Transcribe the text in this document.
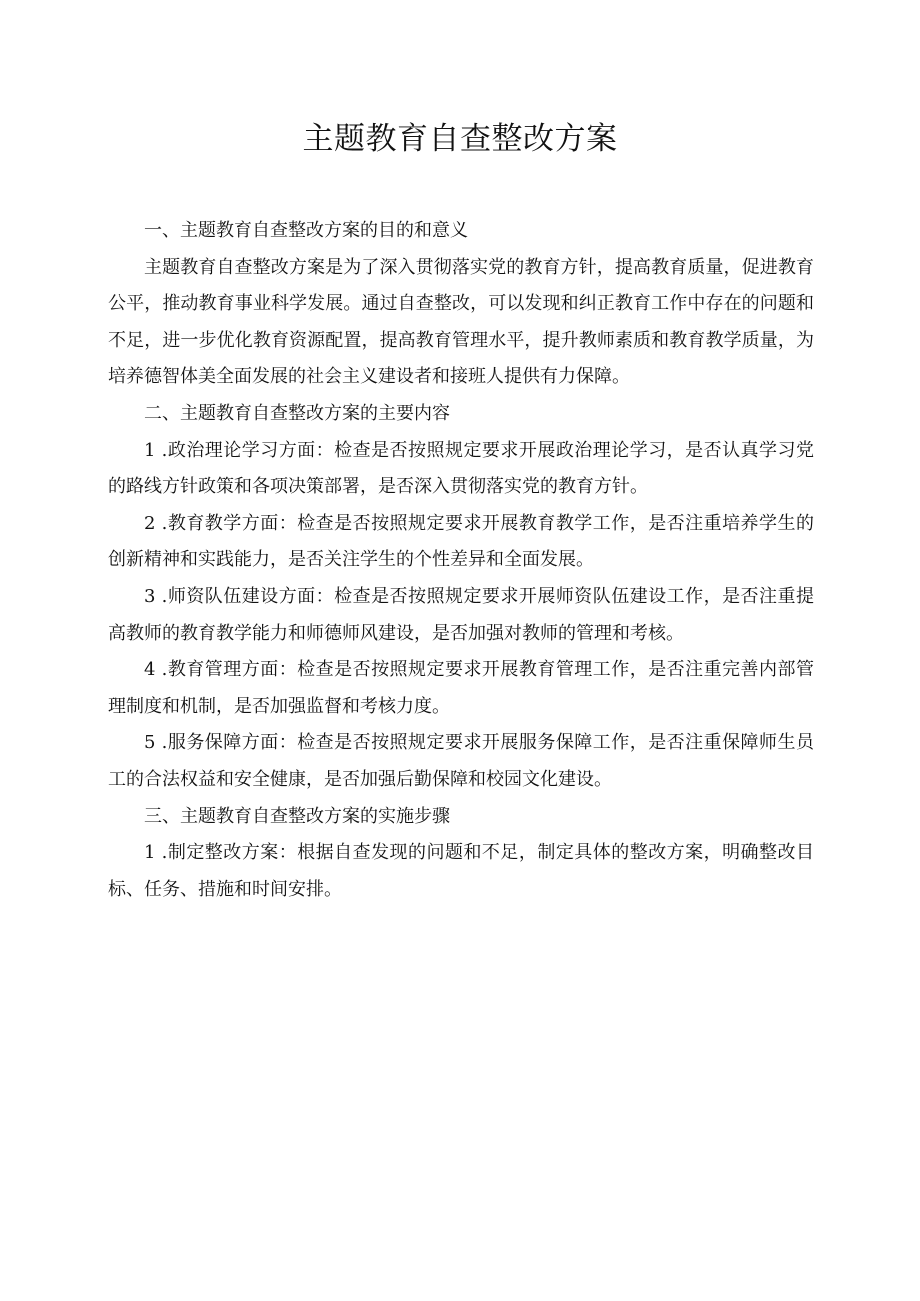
主题教育自查整改方案

一、主题教育自查整改方案的目的和意义

主题教育自查整改方案是为了深入贯彻落实党的教育方针，提高教育质量，促进教育公平，推动教育事业科学发展。通过自查整改，可以发现和纠正教育工作中存在的问题和不足，进一步优化教育资源配置，提高教育管理水平，提升教师素质和教育教学质量，为培养德智体美全面发展的社会主义建设者和接班人提供有力保障。

二、主题教育自查整改方案的主要内容

1 .政治理论学习方面：检查是否按照规定要求开展政治理论学习，是否认真学习党的路线方针政策和各项决策部署，是否深入贯彻落实党的教育方针。

2 .教育教学方面：检查是否按照规定要求开展教育教学工作，是否注重培养学生的创新精神和实践能力，是否关注学生的个性差异和全面发展。

3 .师资队伍建设方面：检查是否按照规定要求开展师资队伍建设工作，是否注重提高教师的教育教学能力和师德师风建设，是否加强对教师的管理和考核。

4 .教育管理方面：检查是否按照规定要求开展教育管理工作，是否注重完善内部管理制度和机制，是否加强监督和考核力度。

5 .服务保障方面：检查是否按照规定要求开展服务保障工作，是否注重保障师生员工的合法权益和安全健康，是否加强后勤保障和校园文化建设。

三、主题教育自查整改方案的实施步骤

1 .制定整改方案：根据自查发现的问题和不足，制定具体的整改方案，明确整改目标、任务、措施和时间安排。
